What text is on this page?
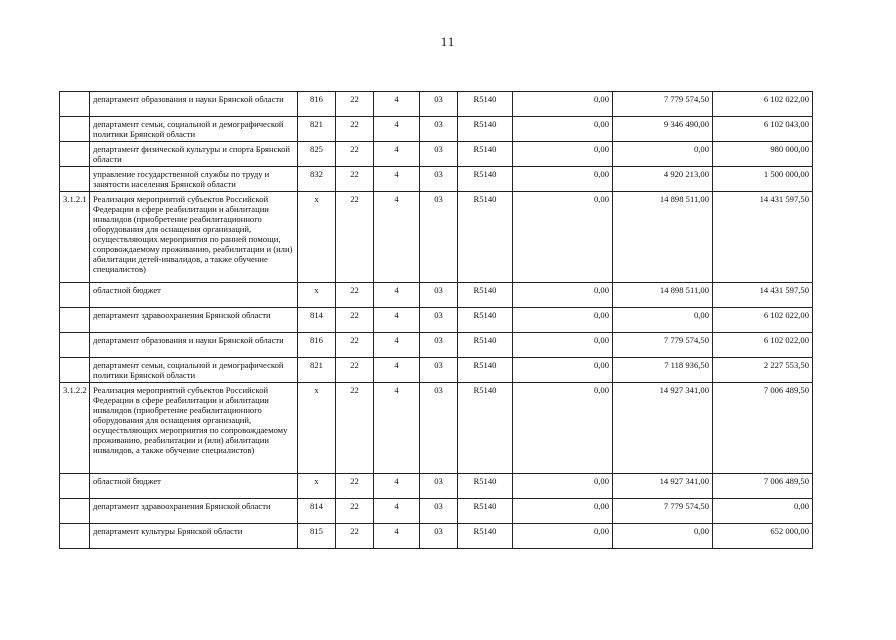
11
	департамент образования и науки Брянской области	816	22	4	03	R5140	0,00	7 779 574,50	6 102 022,00
	департамент семьи, социальной и демографической политики Брянской области	821	22	4	03	R5140	0,00	9 346 490,00	6 102 043,00
	департамент физической культуры и спорта Брянской области	825	22	4	03	R5140	0,00	0,00	980 000,00
	управление государственной службы по труду и занятости населения Брянской области	832	22	4	03	R5140	0,00	4 920 213,00	1 500 000,00
3.1.2.1	Реализация мероприятий субъектов Российской Федерации в сфере реабилитации и абилитации инвалидов (приобретение реабилитационного оборудования для оснащения организаций, осуществляющих мероприятия по ранней помощи, сопровождаемому проживанию, реабилитации и (или) абилитации детей-инвалидов, а также обучение специалистов)	х	22	4	03	R5140	0,00	14 898 511,00	14 431 597,50
	областной бюджет	х	22	4	03	R5140	0,00	14 898 511,00	14 431 597,50
	департамент здравоохранения Брянской области	814	22	4	03	R5140	0,00	0,00	6 102 022,00
	департамент образования и науки Брянской области	816	22	4	03	R5140	0,00	7 779 574,50	6 102 022,00
	департамент семьи, социальной и демографической политики Брянской области	821	22	4	03	R5140	0,00	7 118 936,50	2 227 553,50
3.1.2.2	Реализация мероприятий субъектов Российской Федерации в сфере реабилитации и абилитации инвалидов (приобретение реабилитационного оборудования для оснащения организаций, осуществляющих мероприятия по сопровождаемому проживанию, реабилитации и (или) абилитации инвалидов, а также обучение специалистов)	х	22	4	03	R5140	0,00	14 927 341,00	7 006 489,50
	областной бюджет	х	22	4	03	R5140	0,00	14 927 341,00	7 006 489,50
	департамент здравоохранения Брянской области	814	22	4	03	R5140	0,00	7 779 574,50	0,00
	департамент культуры Брянской области	815	22	4	03	R5140	0,00	0,00	652 000,00
